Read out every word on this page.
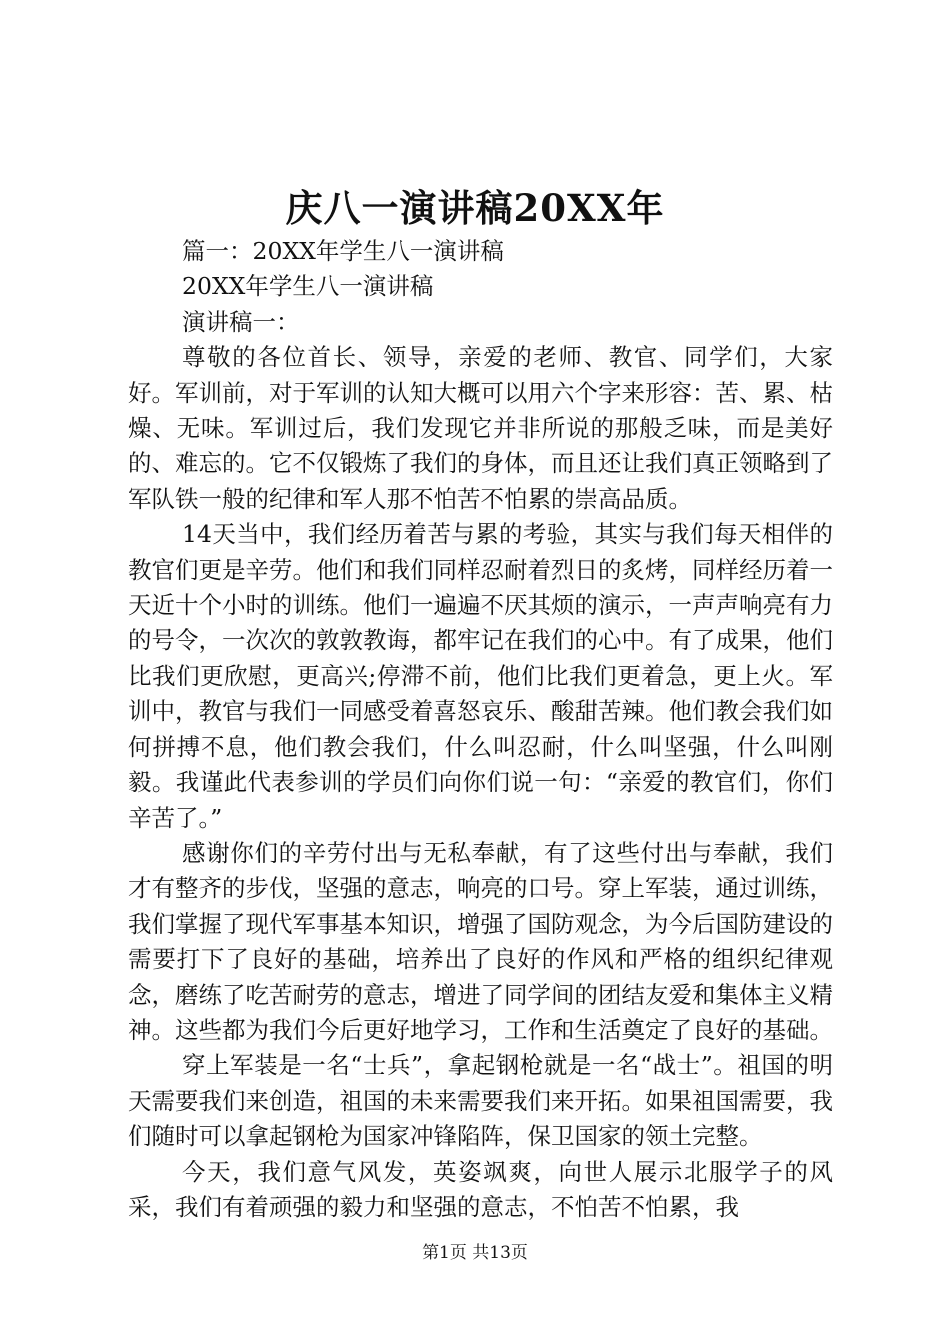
庆八一演讲稿20XX年

篇一：20XX年学生八一演讲稿

20XX年学生八一演讲稿

演讲稿一：

尊敬的各位首长、领导，亲爱的老师、教官、同学们，大家好。军训前，对于军训的认知大概可以用六个字来形容：苦、累、枯燥、无味。军训过后，我们发现它并非所说的那般乏味，而是美好的、难忘的。它不仅锻炼了我们的身体，而且还让我们真正领略到了军队铁一般的纪律和军人那不怕苦不怕累的崇高品质。

14天当中，我们经历着苦与累的考验，其实与我们每天相伴的教官们更是辛劳。他们和我们同样忍耐着烈日的炙烤，同样经历着一天近十个小时的训练。他们一遍遍不厌其烦的演示，一声声响亮有力的号令，一次次的敦敦教诲，都牢记在我们的心中。有了成果，他们比我们更欣慰，更高兴;停滞不前，他们比我们更着急，更上火。军训中，教官与我们一同感受着喜怒哀乐、酸甜苦辣。他们教会我们如何拼搏不息，他们教会我们，什么叫忍耐，什么叫坚强，什么叫刚毅。我谨此代表参训的学员们向你们说一句：“亲爱的教官们，你们辛苦了。”

感谢你们的辛劳付出与无私奉献，有了这些付出与奉献，我们才有整齐的步伐，坚强的意志，响亮的口号。穿上军装，通过训练，我们掌握了现代军事基本知识，增强了国防观念，为今后国防建设的需要打下了良好的基础，培养出了良好的作风和严格的组织纪律观念，磨练了吃苦耐劳的意志，增进了同学间的团结友爱和集体主义精神。这些都为我们今后更好地学习，工作和生活奠定了良好的基础。

穿上军装是一名“士兵”，拿起钢枪就是一名“战士”。祖国的明天需要我们来创造，祖国的未来需要我们来开拓。如果祖国需要，我们随时可以拿起钢枪为国家冲锋陷阵，保卫国家的领土完整。

今天，我们意气风发，英姿飒爽，向世人展示北服学子的风采，我们有着顽强的毅力和坚强的意志，不怕苦不怕累，我

第1页 共13页
